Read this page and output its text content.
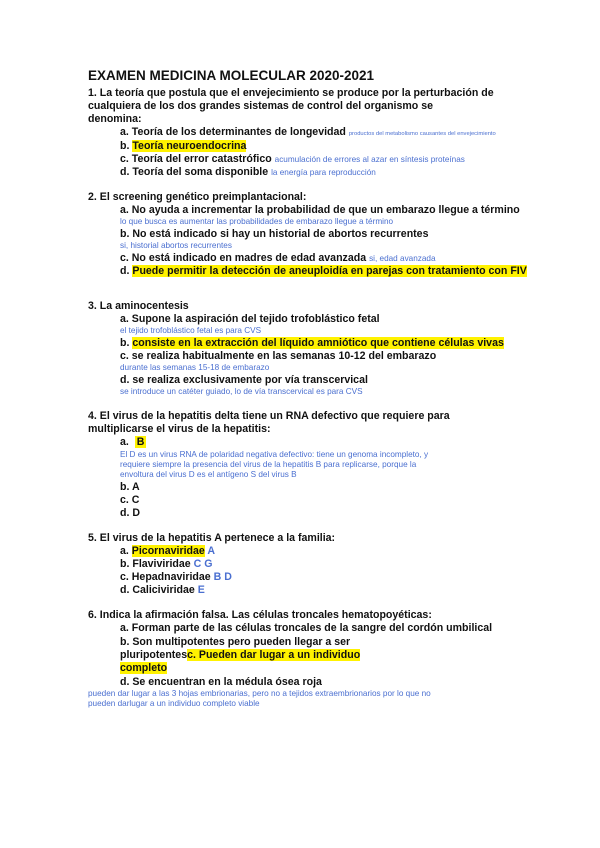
EXAMEN MEDICINA MOLECULAR 2020-2021
1. La teoría que postula que el envejecimiento se produce por la perturbación de
cualquiera de los dos grandes sistemas de control del organismo se
denomina:
a. Teoría de los determinantes de longevidad productos del metabolismo causantes del envejecimiento
b. Teoría neuroendocrina
c. Teoría del error catastrófico acumulación de errores al azar en síntesis proteínas
d. Teoría del soma disponible la energía para reproducción
2. El screening genético preimplantacional:
a. No ayuda a incrementar la probabilidad de que un embarazo llegue a término
lo que busca es aumentar las probabilidades de embarazo llegue a término
b. No está indicado si hay un historial de abortos recurrentes
si, historial abortos recurrentes
c. No está indicado en madres de edad avanzada si, edad avanzada
d. Puede permitir la detección de aneuploidía en parejas con tratamiento con FIV
3. La aminocentesis
a. Supone la aspiración del tejido trofoblástico fetal
el tejido trofoblástico fetal es para CVS
b. consiste en la extracción del líquido amniótico que contiene células vivas
c. se realiza habitualmente en las semanas 10-12 del embarazo
durante las semanas 15-18 de embarazo
d. se realiza exclusivamente por vía transcervical
se introduce un catéter guiado, lo de vía transcervical es para CVS
4. El virus de la hepatitis delta tiene un RNA defectivo que requiere para
multiplicarse el virus de la hepatitis:
a. B
El D es un virus RNA de polaridad negativa defectivo: tiene un genoma incompleto, y
requiere siempre la presencia del virus de la hepatitis B para replicarse, porque la
envoltura del virus D es el antígeno S del virus B
b. A
c. C
d. D
5. El virus de la hepatitis A pertenece a la familia:
a. Picornaviridae A
b. Flaviviridae C G
c. Hepadnaviridae B D
d. Caliciviridae E
6. Indica la afirmación falsa. Las células troncales hematopoyéticas:
a. Forman parte de las células troncales de la sangre del cordón umbilical
b. Son multipotentes pero pueden llegar a ser
pluripotentesc. Pueden dar lugar a un individuo
completo
d. Se encuentran en la médula ósea roja
pueden dar lugar a las 3 hojas embrionarias, pero no a tejidos extraembrionarios por lo que no
pueden darlugar a un individuo completo viable
